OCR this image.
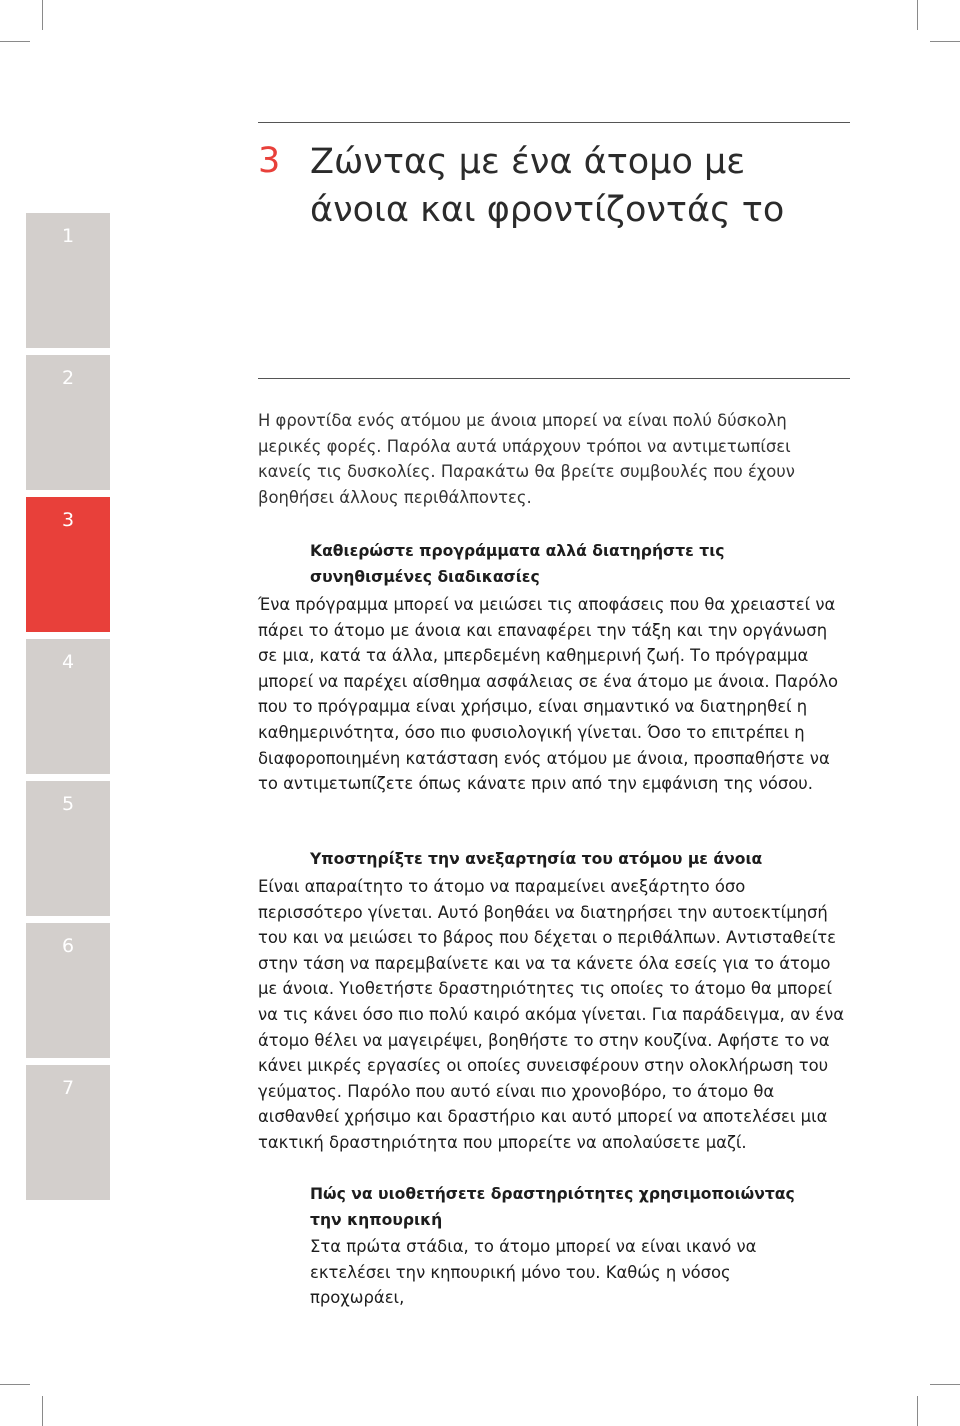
1
2
3
4
5
6
7
3 Ζώντας με ένα άτομο με άνοια και φροντίζοντάς το
Η φροντίδα ενός ατόμου με άνοια μπορεί να είναι πολύ δύσκολη μερικές φορές. Παρόλα αυτά υπάρχουν τρόποι να αντιμετωπίσει κανείς τις δυσκολίες. Παρακάτω θα βρείτε συμβουλές που έχουν βοηθήσει άλλους περιθάλποντες.
Καθιερώστε προγράμματα αλλά διατηρήστε τις συνηθισμένες διαδικασίες
Ένα πρόγραμμα μπορεί να μειώσει τις αποφάσεις που θα χρειαστεί να πάρει το άτομο με άνοια και επαναφέρει την τάξη και την οργάνωση σε μια, κατά τα άλλα, μπερδεμένη καθημερινή ζωή. Το πρόγραμμα μπορεί να παρέχει αίσθημα ασφάλειας σε ένα άτομο με άνοια. Παρόλο που το πρόγραμμα είναι χρήσιμο, είναι σημαντικό να διατηρηθεί η καθημερινότητα, όσο πιο φυσιολογική γίνεται. Όσο το επιτρέπει η διαφοροποιημένη κατάσταση ενός ατόμου με άνοια, προσπαθήστε να το αντιμετωπίζετε όπως κάνατε πριν από την εμφάνιση της νόσου.
Υποστηρίξτε την ανεξαρτησία του ατόμου με άνοια
Είναι απαραίτητο το άτομο να παραμείνει ανεξάρτητο όσο περισσότερο γίνεται. Αυτό βοηθάει να διατηρήσει την αυτοεκτίμησή του και να μειώσει το βάρος που δέχεται ο περιθάλπων. Αντισταθείτε στην τάση να παρεμβαίνετε και να τα κάνετε όλα εσείς για το άτομο με άνοια. Υιοθετήστε δραστηριότητες τις οποίες το άτομο θα μπορεί να τις κάνει όσο πιο πολύ καιρό ακόμα γίνεται. Για παράδειγμα, αν ένα άτομο θέλει να μαγειρέψει, βοηθήστε το στην κουζίνα. Αφήστε το να κάνει μικρές εργασίες οι οποίες συνεισφέρουν στην ολοκλήρωση του γεύματος. Παρόλο που αυτό είναι πιο χρονοβόρο, το άτομο θα αισθανθεί χρήσιμο και δραστήριο και αυτό μπορεί να αποτελέσει μια τακτική δραστηριότητα που μπορείτε να απολαύσετε μαζί.
Πώς να υιοθετήσετε δραστηριότητες χρησιμοποιώντας την κηπουρική
Στα πρώτα στάδια, το άτομο μπορεί να είναι ικανό να εκτελέσει την κηπουρική μόνο του. Καθώς η νόσος προχωράει,
